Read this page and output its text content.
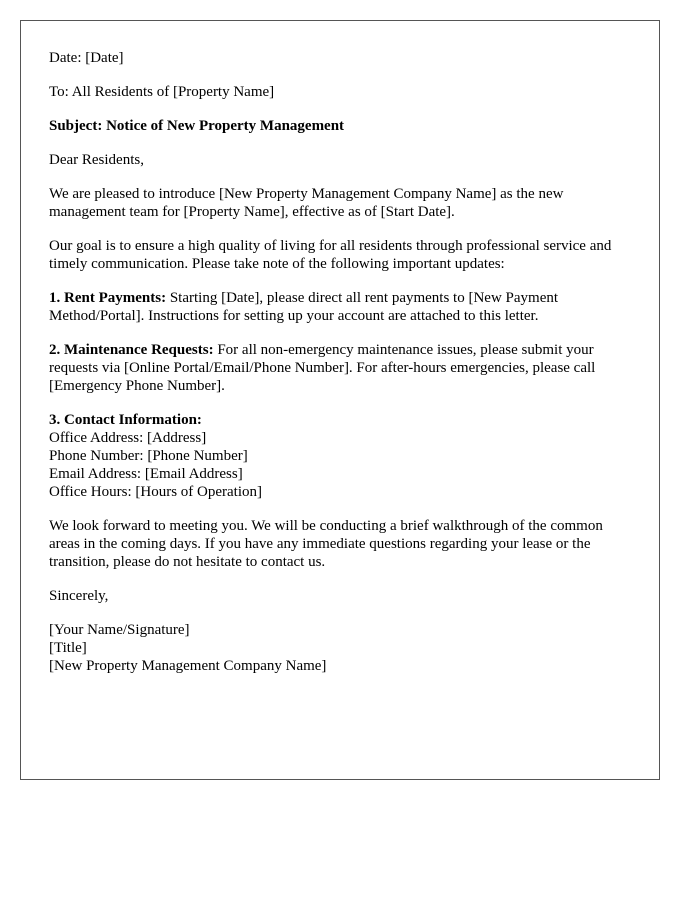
Date: [Date]

To: All Residents of [Property Name]

Subject: Notice of New Property Management

Dear Residents,

We are pleased to introduce [New Property Management Company Name] as the new management team for [Property Name], effective as of [Start Date].

Our goal is to ensure a high quality of living for all residents through professional service and timely communication. Please take note of the following important updates:

1. Rent Payments: Starting [Date], please direct all rent payments to [New Payment Method/Portal]. Instructions for setting up your account are attached to this letter.

2. Maintenance Requests: For all non-emergency maintenance issues, please submit your requests via [Online Portal/Email/Phone Number]. For after-hours emergencies, please call [Emergency Phone Number].

3. Contact Information:
Office Address: [Address]
Phone Number: [Phone Number]
Email Address: [Email Address]
Office Hours: [Hours of Operation]

We look forward to meeting you. We will be conducting a brief walkthrough of the common areas in the coming days. If you have any immediate questions regarding your lease or the transition, please do not hesitate to contact us.

Sincerely,

[Your Name/Signature]
[Title]
[New Property Management Company Name]
